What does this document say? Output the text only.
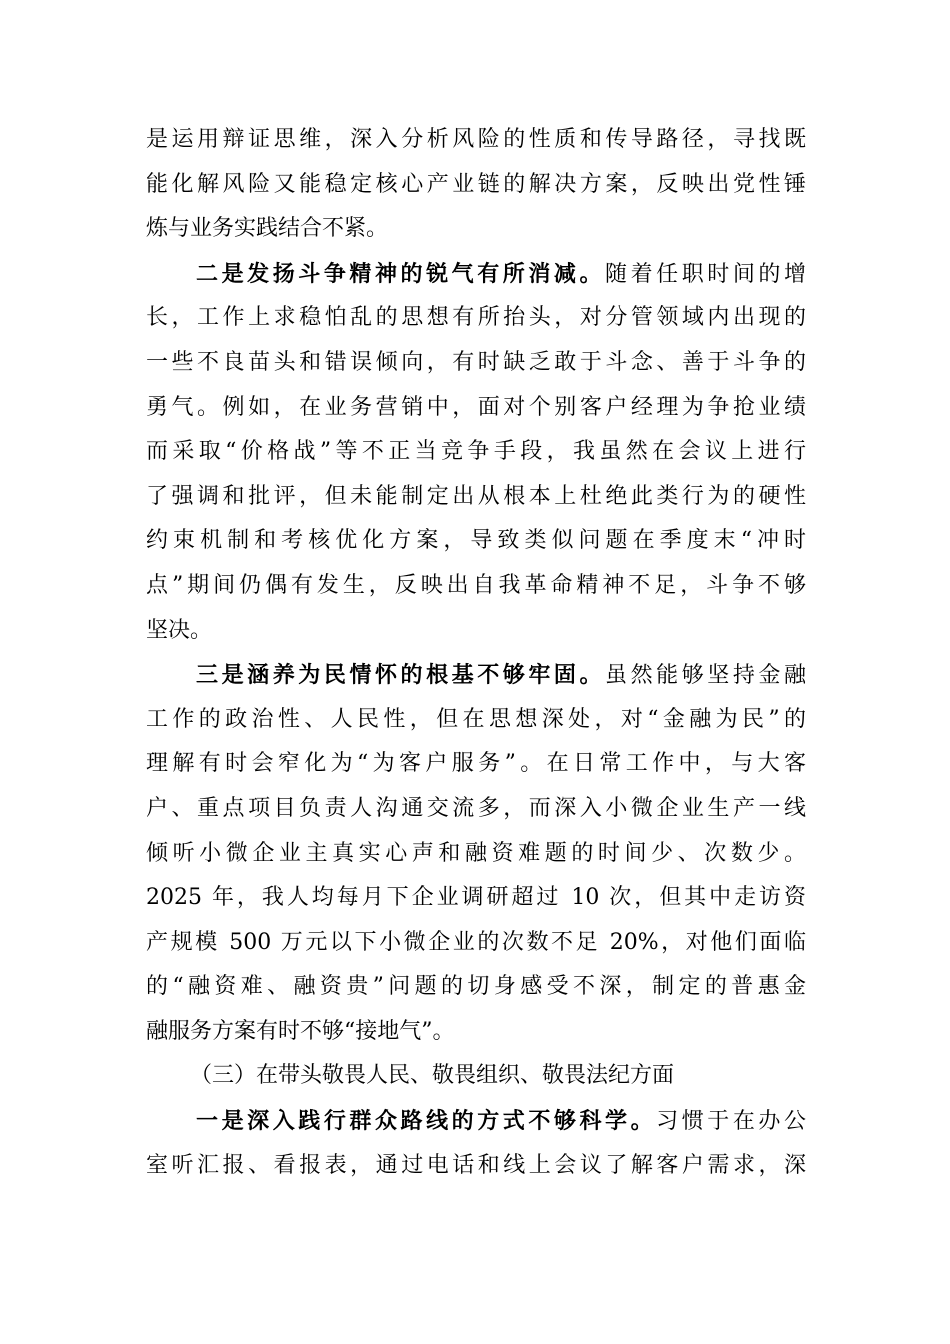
是运用辩证思维，深入分析风险的性质和传导路径，寻找既
能化解风险又能稳定核心产业链的解决方案，反映出党性锤
炼与业务实践结合不紧。
二是发扬斗争精神的锐气有所消减。随着任职时间的增
长，工作上求稳怕乱的思想有所抬头，对分管领域内出现的
一些不良苗头和错误倾向，有时缺乏敢于斗念、善于斗争的
勇气。例如，在业务营销中，面对个别客户经理为争抢业绩
而采取“价格战”等不正当竞争手段，我虽然在会议上进行
了强调和批评，但未能制定出从根本上杜绝此类行为的硬性
约束机制和考核优化方案，导致类似问题在季度末“冲时
点”期间仍偶有发生，反映出自我革命精神不足，斗争不够
坚决。
三是涵养为民情怀的根基不够牢固。虽然能够坚持金融
工作的政治性、人民性，但在思想深处，对“金融为民”的
理解有时会窄化为“为客户服务”。在日常工作中，与大客
户、重点项目负责人沟通交流多，而深入小微企业生产一线
倾听小微企业主真实心声和融资难题的时间少、次数少。
2025 年，我人均每月下企业调研超过 10 次，但其中走访资
产规模 500 万元以下小微企业的次数不足 20%，对他们面临
的“融资难、融资贵”问题的切身感受不深，制定的普惠金
融服务方案有时不够“接地气”。
（三）在带头敬畏人民、敬畏组织、敬畏法纪方面
一是深入践行群众路线的方式不够科学。习惯于在办公
室听汇报、看报表，通过电话和线上会议了解客户需求，深
